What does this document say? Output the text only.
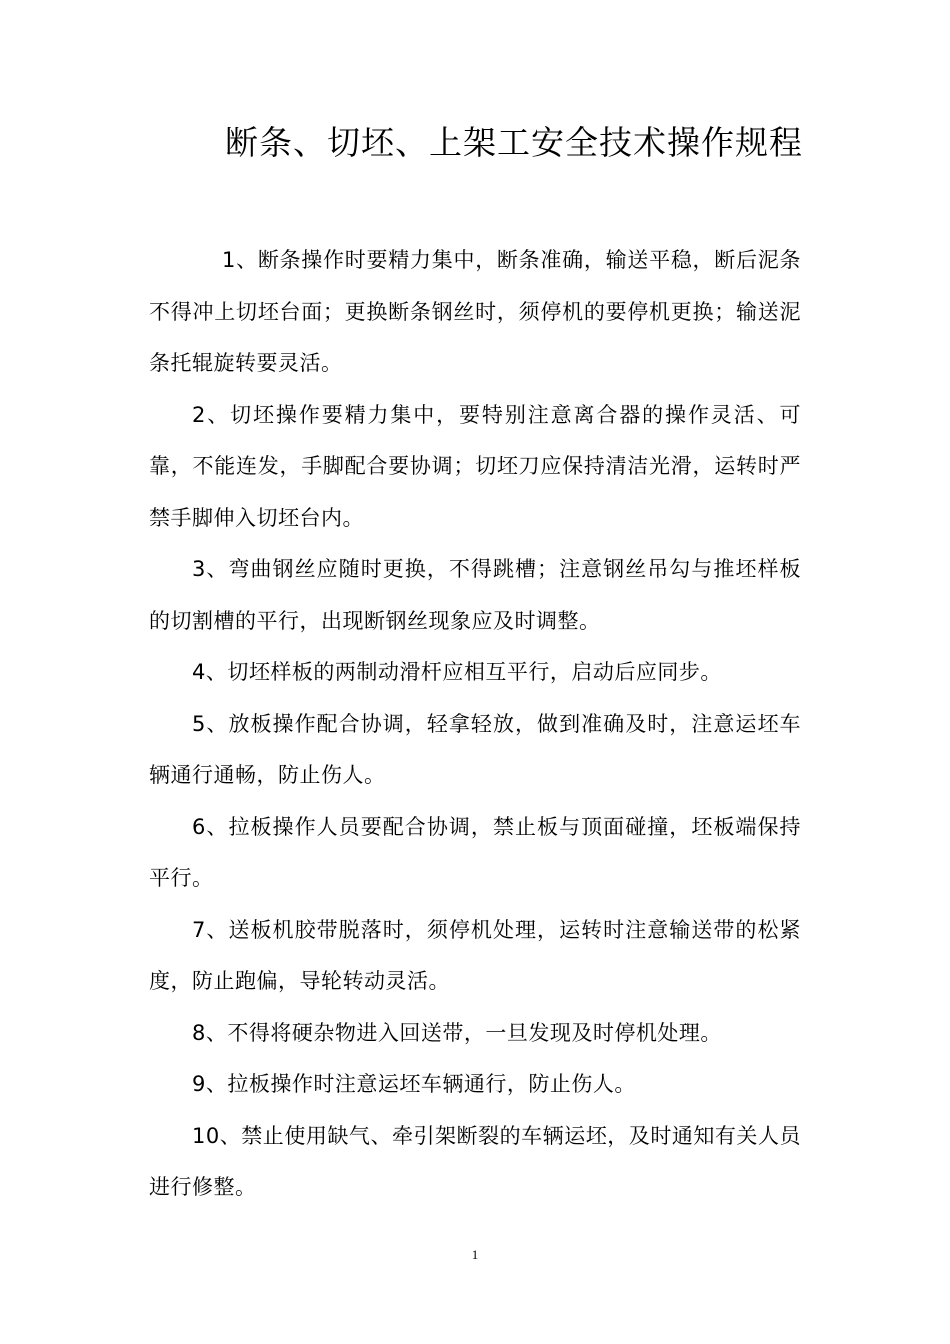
断条、切坯、上架工安全技术操作规程

1、断条操作时要精力集中，断条准确，输送平稳，断后泥条不得冲上切坯台面；更换断条钢丝时，须停机的要停机更换；输送泥条托辊旋转要灵活。

2、切坯操作要精力集中，要特别注意离合器的操作灵活、可靠，不能连发，手脚配合要协调；切坯刀应保持清洁光滑，运转时严禁手脚伸入切坯台内。

3、弯曲钢丝应随时更换，不得跳槽；注意钢丝吊勾与推坯样板的切割槽的平行，出现断钢丝现象应及时调整。

4、切坯样板的两制动滑杆应相互平行，启动后应同步。

5、放板操作配合协调，轻拿轻放，做到准确及时，注意运坯车辆通行通畅，防止伤人。

6、拉板操作人员要配合协调，禁止板与顶面碰撞，坯板端保持平行。

7、送板机胶带脱落时，须停机处理，运转时注意输送带的松紧度，防止跑偏，导轮转动灵活。

8、不得将硬杂物进入回送带，一旦发现及时停机处理。

9、拉板操作时注意运坯车辆通行，防止伤人。

10、禁止使用缺气、牵引架断裂的车辆运坯，及时通知有关人员进行修整。

1
